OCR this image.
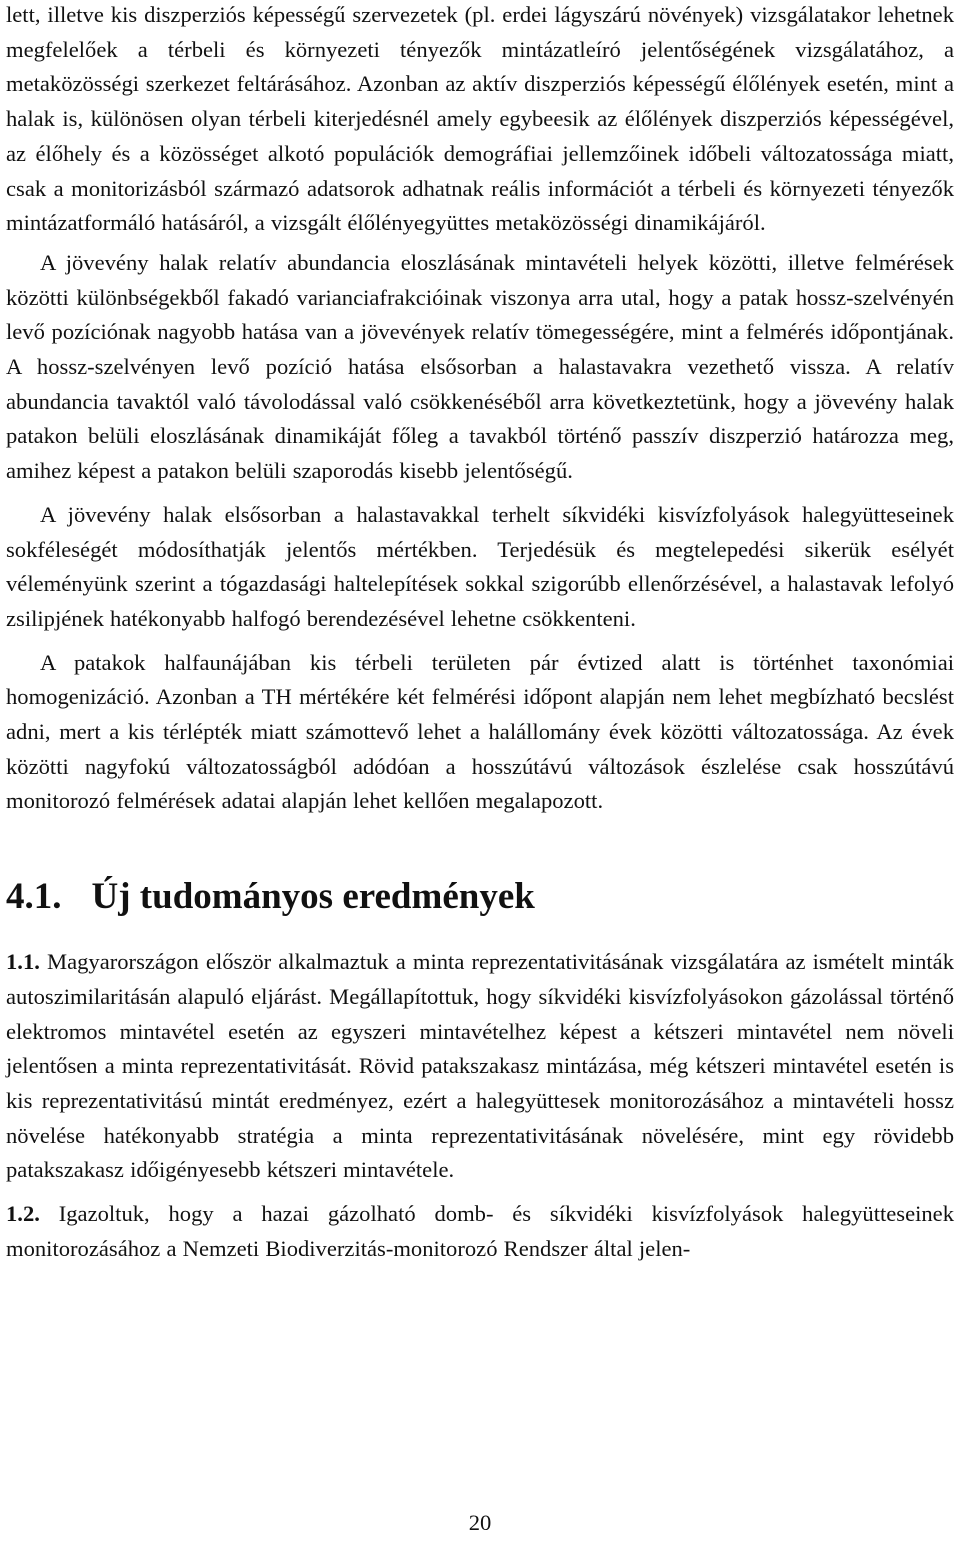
lett, illetve kis diszperziós képességű szervezetek (pl. erdei lágyszárú növények) vizsgálatakor lehetnek megfelelőek a térbeli és környezeti tényezők mintázatleíró jelentőségének vizsgálatához, a metaközösségi szerkezet feltárásához. Azonban az aktív diszperziós képességű élőlények esetén, mint a halak is, különösen olyan térbeli kiterjedésnél amely egybeesik az élőlények diszperziós képességével, az élőhely és a közösséget alkotó populációk demográfiai jellemzőinek időbeli változatossága miatt, csak a monitorizásból származó adatsorok adhatnak reális információt a térbeli és környezeti tényezők mintázatformáló hatásáról, a vizsgált élőlényegyüttes metaközösségi dinamikájáról.

A jövevény halak relatív abundancia eloszlásának mintavételi helyek közötti, illetve felmérések közötti különbségekből fakadó varianciafrakcióinak viszonya arra utal, hogy a patak hossz-szelvényén levő pozíciónak nagyobb hatása van a jövevények relatív tömegességére, mint a felmérés időpontjának. A hossz-szelvényen levő pozíció hatása elsősorban a halastavakra vezethető vissza. A relatív abundancia tavaktól való távolodással való csökkenéséből arra következtetünk, hogy a jövevény halak patakon belüli eloszlásának dinamikáját főleg a tavakból történő passzív diszperzió határozza meg, amihez képest a patakon belüli szaporodás kisebb jelentőségű.

A jövevény halak elsősorban a halastavakkal terhelt síkvidéki kisvízfolyások halegyütteseinek sokféleségét módosíthatják jelentős mértékben. Terjedésük és megtelepedési sikerük esélyét véleményünk szerint a tógazdasági haltelepítések sokkal szigorúbb ellenőrzésével, a halastavak lefolyó zsilipjének hatékonyabb halfogó berendezésével lehetne csökkenteni.

A patakok halfaunájában kis térbeli területen pár évtized alatt is történhet taxonómiai homogenizáció. Azonban a TH mértékére két felmérési időpont alapján nem lehet megbízható becslést adni, mert a kis térlépték miatt számottevő lehet a halállomány évek közötti változatossága. Az évek közötti nagyfokú változatosságból adódóan a hosszútávú változások észlelése csak hosszútávú monitorozó felmérések adatai alapján lehet kellően megalapozott.

4.1. Új tudományos eredmények

1.1. Magyarországon először alkalmaztuk a minta reprezentativitásának vizsgálatára az ismételt minták autoszimilaritásán alapuló eljárást. Megállapítottuk, hogy síkvidéki kisvízfolyásokon gázolással történő elektromos mintavétel esetén az egyszeri mintavételhez képest a kétszeri mintavétel nem növeli jelentősen a minta reprezentativitását. Rövid patakszakasz mintázása, még kétszeri mintavétel esetén is kis reprezentativitású mintát eredményez, ezért a halegyüttesek monitorozásához a mintavételi hossz növelése hatékonyabb stratégia a minta reprezentativitásának növelésére, mint egy rövidebb patakszakasz időigényesebb kétszeri mintavétele.

1.2. Igazoltuk, hogy a hazai gázolható domb- és síkvidéki kisvízfolyások halegyütteseinek monitorozásához a Nemzeti Biodiverzitás-monitorozó Rendszer által jelen-

20
